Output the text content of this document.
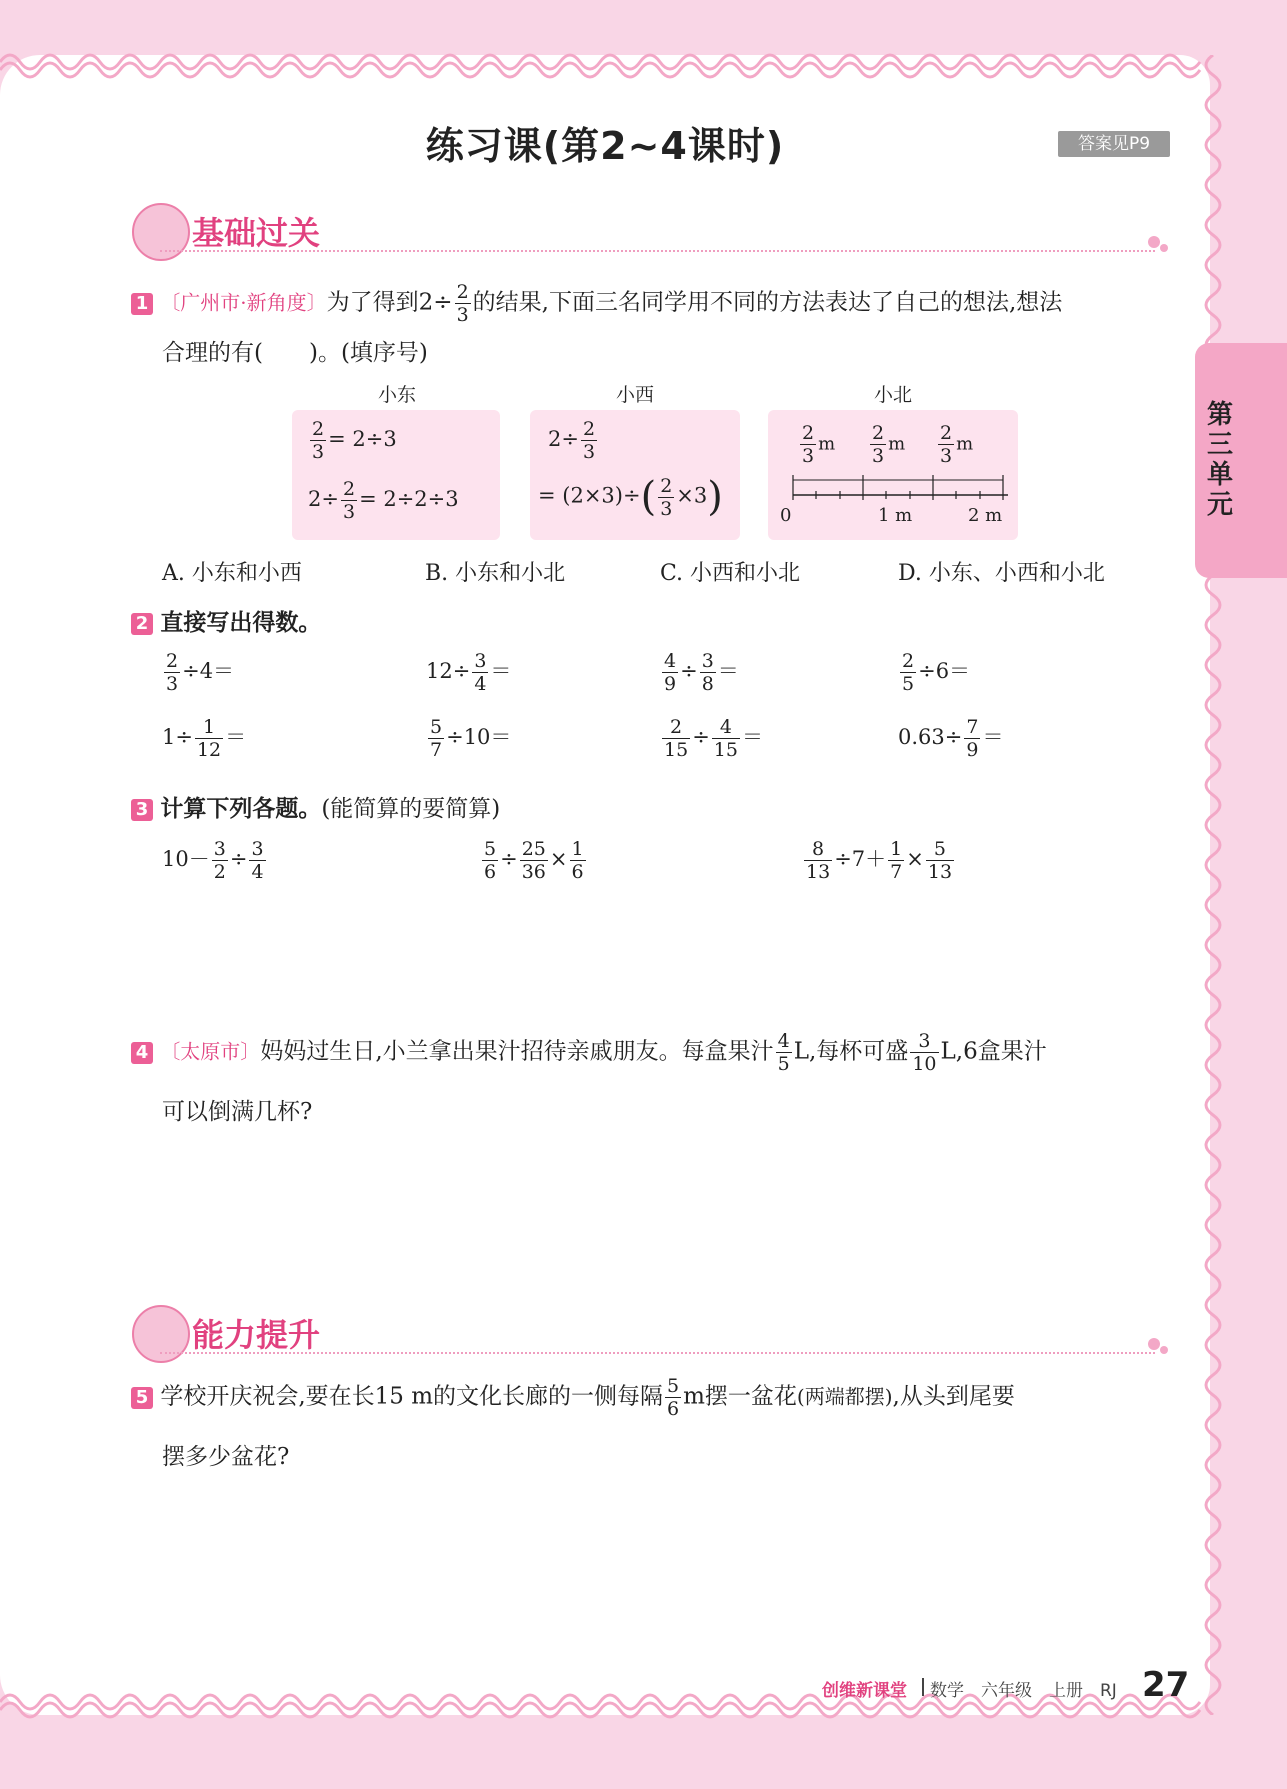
练习课(第2~4课时)	答案见P9
第三单元
基础过关
1 〔广州市·新角度〕为了得到$2\div \frac{2}{3}$ 的结果,下面三名同学用不同的方法表达了自己的想法,想法
合理的有(　　)。(填序号)
小东	小西	小北
$\frac{2}{3} = 2\div 3$
$2\div \frac{2}{3} = 2\div 2\div 3$
$2\div \frac{2}{3}$
= $(2\times 3)\div( \frac{2}{3} \times 3)$
$\frac{2}{3}$ m $\frac{2}{3}$ m $\frac{2}{3}$ m
0	1 m	2 m
A. 小东和小西	B. 小东和小北	C. 小西和小北	D. 小东、小西和小北
2 直接写出得数。
$\frac{2}{3} \div 4=$	$12\div \frac{3}{4}$ ＝	$\frac{4}{9} \div \frac{3}{8}$ ＝	$\frac{2}{5} \div 6=$
$1\div \frac{1}{12}$ ＝	$\frac{5}{7} \div 10=$	$\frac{2}{15} \div \frac{4}{15}$ ＝	$0.63\div \frac{7}{9}$ ＝
3 计算下列各题。(能简算的要简算)
$10- \frac{3}{2} \div \frac{3}{4}$	$\frac{5}{6} \div \frac{25}{36} \times \frac{1}{6}$	$\frac{8}{13} \div 7+ \frac{1}{7} \times \frac{5}{13}$
4 〔太原市〕妈妈过生日,小兰拿出果汁招待亲戚朋友。每盒果汁 $\frac{4}{5} L$,每杯可盛 $\frac{3}{10} L,6$盒果汁
可以倒满几杯?
能力提升
5 学校开庆祝会,要在长15 m的文化长廊的一侧每隔 $\frac{5}{6}$ m摆一盆花(两端都摆),从头到尾要
摆多少盆花?
创维新课堂 数学　六年级　上册　RJ 27
